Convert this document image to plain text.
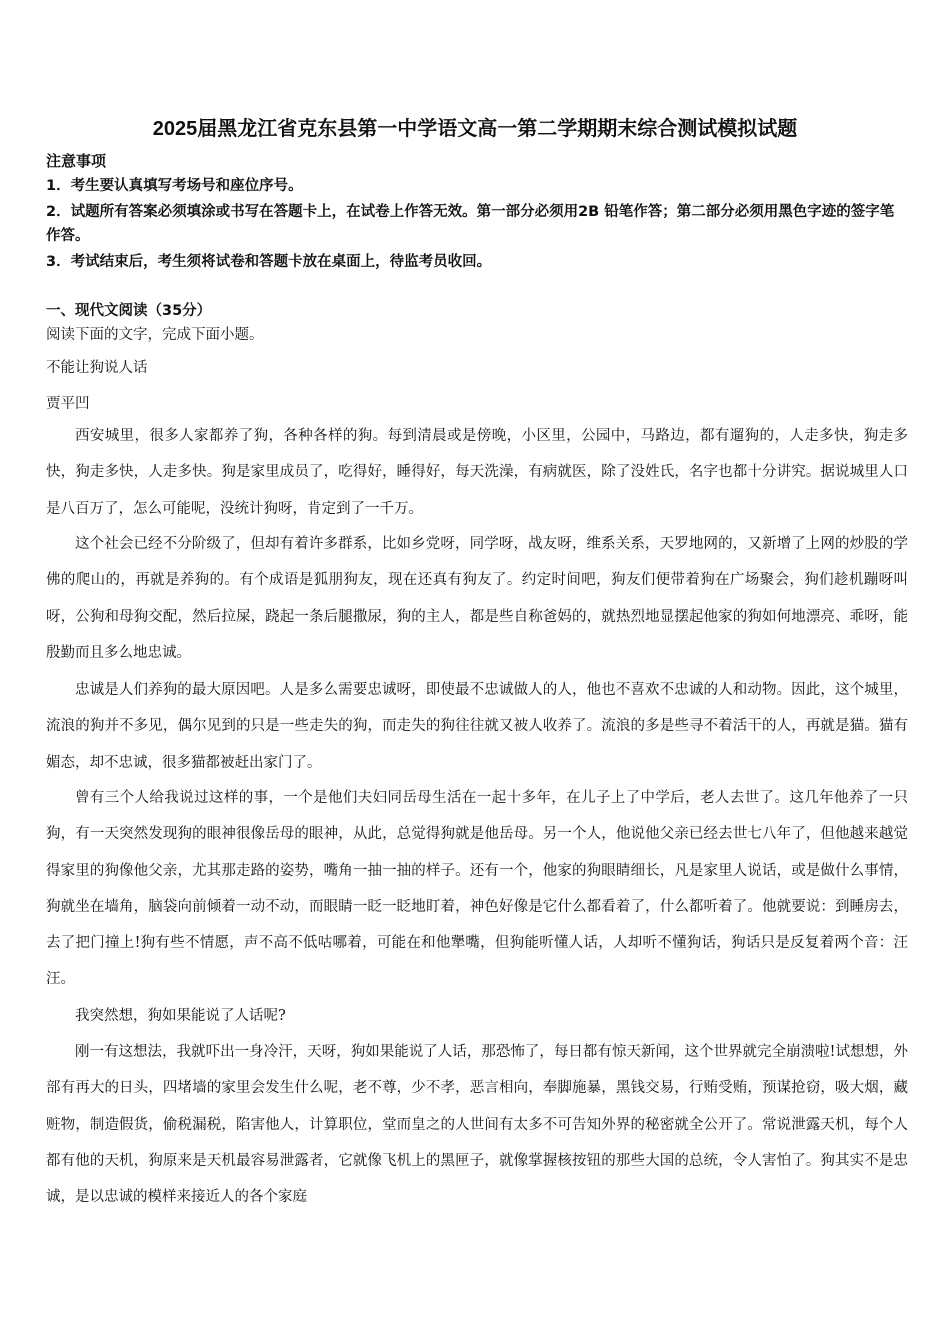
2025届黑龙江省克东县第一中学语文高一第二学期期末综合测试模拟试题
注意事项
1．考生要认真填写考场号和座位序号。
2．试题所有答案必须填涂或书写在答题卡上，在试卷上作答无效。第一部分必须用2B 铅笔作答；第二部分必须用黑色字迹的签字笔作答。
3．考试结束后，考生须将试卷和答题卡放在桌面上，待监考员收回。
一、现代文阅读（35分）
阅读下面的文字，完成下面小题。
不能让狗说人话
贾平凹
西安城里，很多人家都养了狗，各种各样的狗。每到清晨或是傍晚，小区里，公园中，马路边，都有遛狗的，人走多快，狗走多快，狗走多快，人走多快。狗是家里成员了，吃得好，睡得好，每天洗澡，有病就医，除了没姓氏，名字也都十分讲究。据说城里人口是八百万了，怎么可能呢，没统计狗呀，肯定到了一千万。
这个社会已经不分阶级了，但却有着许多群系，比如乡党呀，同学呀，战友呀，维系关系，天罗地网的，又新增了上网的炒股的学佛的爬山的，再就是养狗的。有个成语是狐朋狗友，现在还真有狗友了。约定时间吧，狗友们便带着狗在广场聚会，狗们趁机蹦呀叫呀，公狗和母狗交配，然后拉屎，跷起一条后腿撒尿，狗的主人，都是些自称爸妈的，就热烈地显摆起他家的狗如何地漂亮、乖呀，能殷勤而且多么地忠诚。
忠诚是人们养狗的最大原因吧。人是多么需要忠诚呀，即使最不忠诚做人的人，他也不喜欢不忠诚的人和动物。因此，这个城里，流浪的狗并不多见，偶尔见到的只是一些走失的狗，而走失的狗往往就又被人收养了。流浪的多是些寻不着活干的人，再就是猫。猫有媚态，却不忠诚，很多猫都被赶出家门了。
曾有三个人给我说过这样的事，一个是他们夫妇同岳母生活在一起十多年，在儿子上了中学后，老人去世了。这几年他养了一只狗，有一天突然发现狗的眼神很像岳母的眼神，从此，总觉得狗就是他岳母。另一个人，他说他父亲已经去世七八年了，但他越来越觉得家里的狗像他父亲，尤其那走路的姿势，嘴角一抽一抽的样子。还有一个，他家的狗眼睛细长，凡是家里人说话，或是做什么事情，狗就坐在墙角，脑袋向前倾着一动不动，而眼睛一眨一眨地盯着，神色好像是它什么都看着了，什么都听着了。他就要说：到睡房去，去了把门撞上!狗有些不情愿，声不高不低咕哪着，可能在和他犟嘴，但狗能听懂人话，人却听不懂狗话，狗话只是反复着两个音：汪汪。
我突然想，狗如果能说了人话呢?
刚一有这想法，我就吓出一身冷汗，天呀，狗如果能说了人话，那恐怖了，每日都有惊天新闻，这个世界就完全崩溃啦!试想想，外部有再大的日头，四堵墙的家里会发生什么呢，老不尊，少不孝，恶言相向，奉脚施暴，黑钱交易，行贿受贿，预谋抢窃，吸大烟，藏赃物，制造假货，偷税漏税，陷害他人，计算职位，堂而皇之的人世间有太多不可告知外界的秘密就全公开了。常说泄露天机，每个人都有他的天机，狗原来是天机最容易泄露者，它就像飞机上的黑匣子，就像掌握核按钮的那些大国的总统，令人害怕了。狗其实不是忠诚，是以忠诚的模样来接近人的各个家庭
